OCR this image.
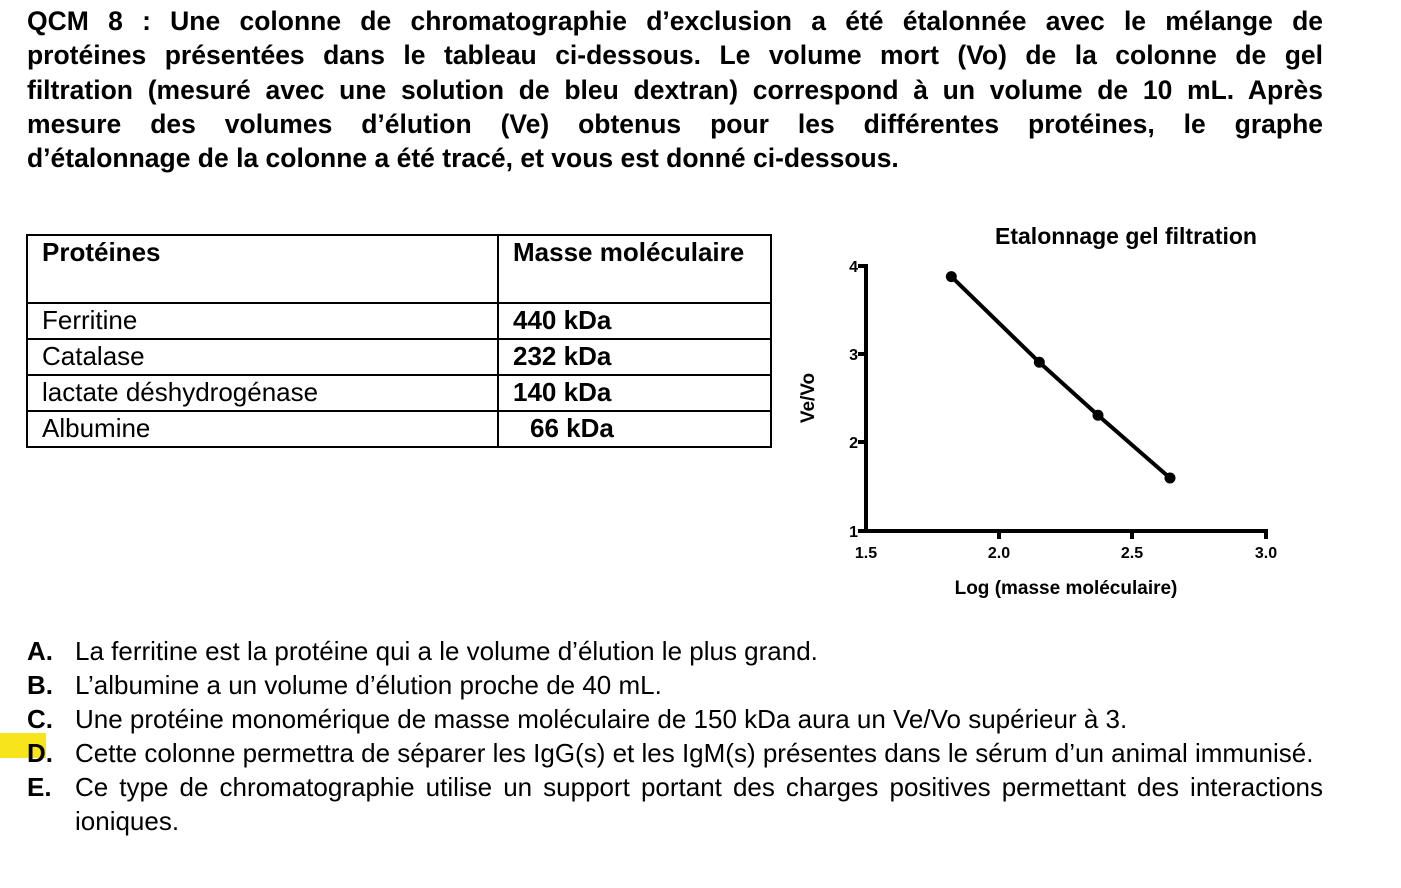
QCM 8 : Une colonne de chromatographie d’exclusion a été étalonnée avec le mélange de
protéines présentées dans le tableau ci-dessous. Le volume mort (Vo) de la colonne de gel
filtration (mesuré avec une solution de bleu dextran) correspond à un volume de 10 mL. Après
mesure des volumes d’élution (Ve) obtenus pour les différentes protéines, le graphe
d’étalonnage de la colonne a été tracé, et vous est donné ci-dessous.
Protéines	Masse moléculaire
Ferritine	440 kDa
Catalase	232 kDa
lactate déshydrogénase	140 kDa
Albumine	66 kDa
Etalonnage gel filtration
Log (masse moléculaire)
Ve/Vo
4
3
2
1
1.5	2.0	2.5	3.0
A. La ferritine est la protéine qui a le volume d’élution le plus grand.
B. L’albumine a un volume d’élution proche de 40 mL.
C. Une protéine monomérique de masse moléculaire de 150 kDa aura un Ve/Vo supérieur à 3.
D. Cette colonne permettra de séparer les IgG(s) et les IgM(s) présentes dans le sérum d’un animal immunisé.
E. Ce type de chromatographie utilise un support portant des charges positives permettant des interactions ioniques.
